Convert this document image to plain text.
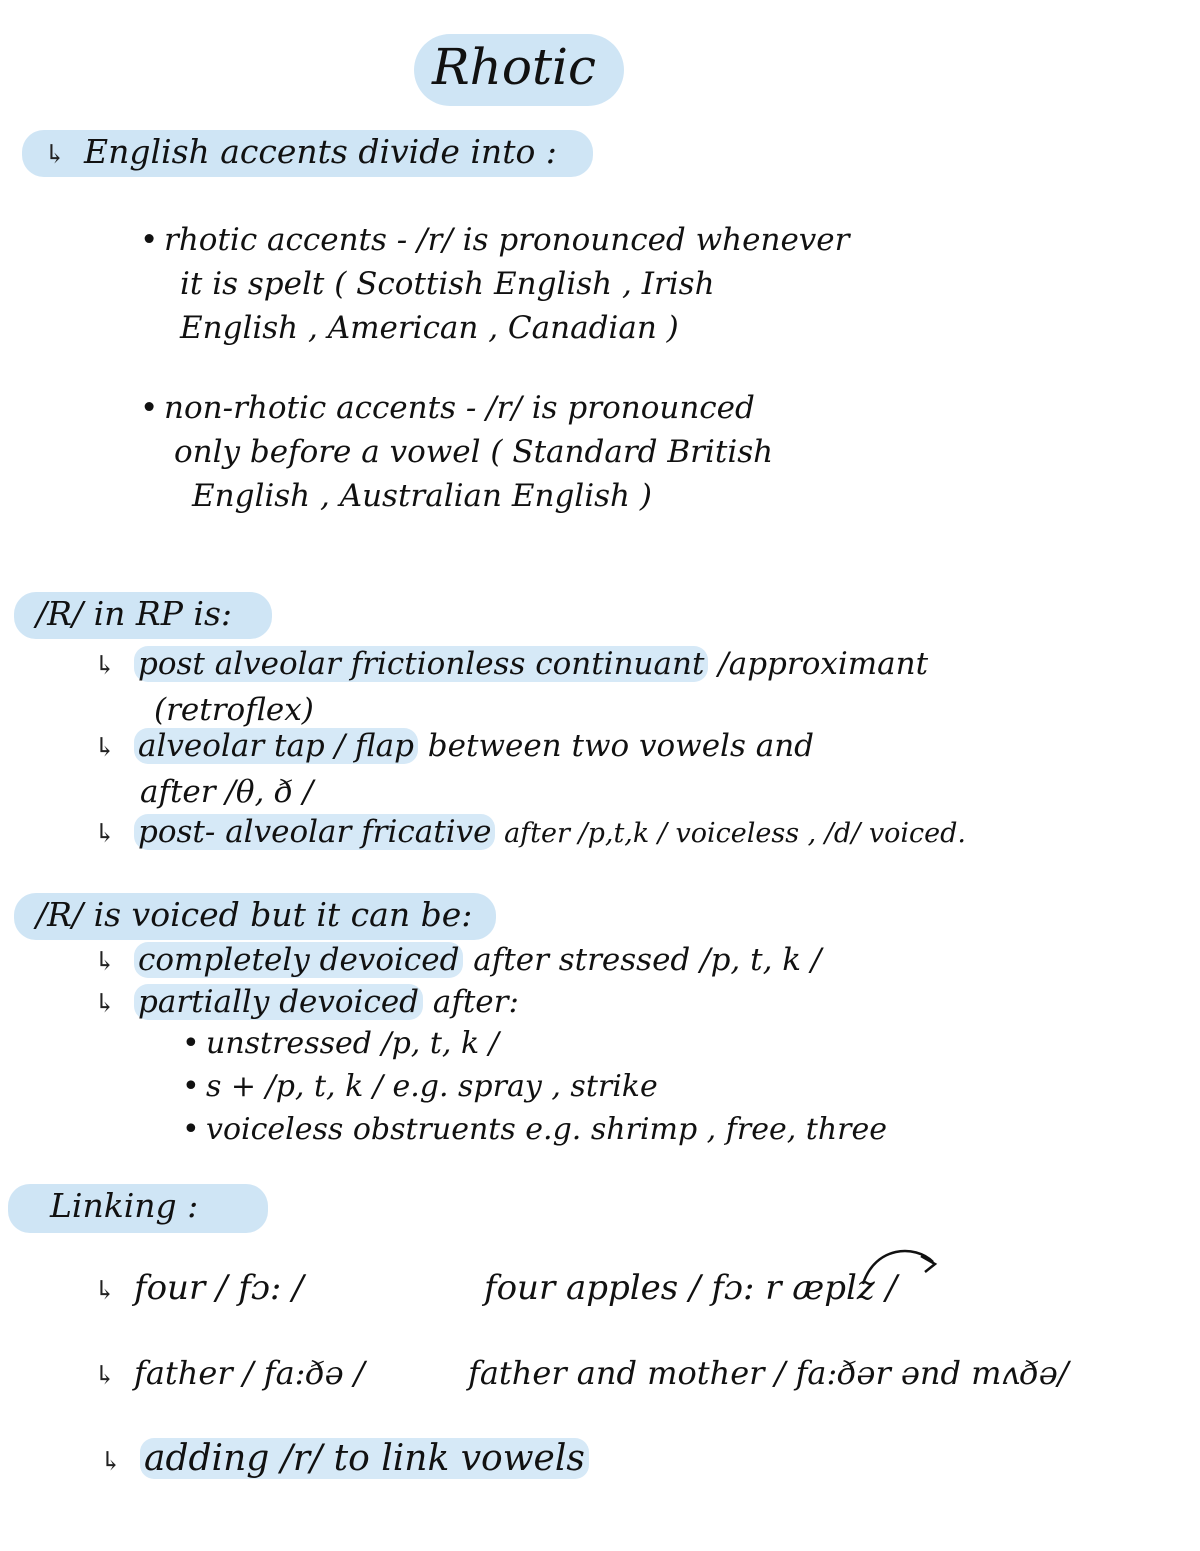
Rhotic
↳ English accents divide into :
• rhotic accents - /r/ is pronounced whenever
it is spelt ( Scottish English , Irish
English , American , Canadian )
• non-rhotic accents - /r/ is pronounced
only before a vowel ( Standard British
English , Australian English )
/R/ in RP is:
↳ post alveolar frictionless continuant /approximant
(retroflex)
↳ alveolar tap / flap between two vowels and
after /θ, ð /
↳ post- alveolar fricative after /p,t,k / voiceless , /d/ voiced.
/R/ is voiced but it can be:
↳ completely devoiced after stressed /p, t, k /
↳ partially devoiced after:
• unstressed /p, t, k /
• s + /p, t, k / e.g. spray , strike
• voiceless obstruents e.g. shrimp , free, three
Linking :
↳ four / fɔ: /	four apples / fɔ: r æplz /
↳ father / fa:ðə /	father and mother / fa:ðər ənd mʌðə/
↳ adding /r/ to link vowels
